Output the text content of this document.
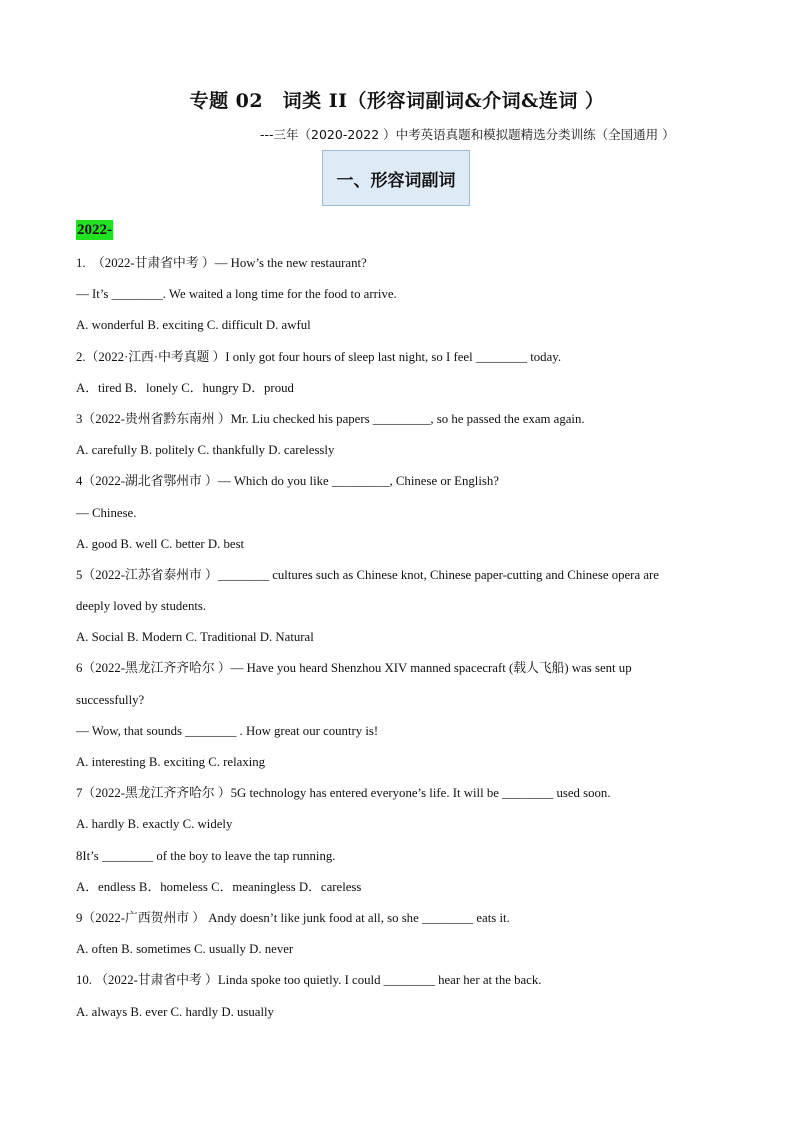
专题 02　词类 II（形容词副词&介词&连词 ）
---三年（2020-2022 ）中考英语真题和模拟题精选分类训练（全国通用 ）
一、形容词副词
2022-
1.　（2022-甘肃省中考 ）— How’s the new restaurant?
— It’s ________. We waited a long time for the food to arrive.
A. wonderful B. exciting C. difficult D. awful
2.（2022·江西·中考真题 ）I only got four hours of sleep last night, so I feel ________ today.
A．tired B．lonely C．hungry D．proud
3（2022-贵州省黔东南州 ）Mr. Liu checked his papers _________, so he passed the exam again.
A. carefully B. politely C. thankfully D. carelessly
4（2022-湖北省鄂州市 ）— Which do you like _________, Chinese or English?
— Chinese.
A. good B. well C. better D. best
5（2022-江苏省泰州市 ）________ cultures such as Chinese knot, Chinese paper-cutting and Chinese opera are
deeply loved by students.
A. Social B. Modern C. Traditional D. Natural
6（2022-黑龙江齐齐哈尔 ）— Have you heard Shenzhou XIV manned spacecraft (载人飞船) was sent up
successfully?
— Wow, that sounds ________ . How great our country is!
A. interesting B. exciting C. relaxing
7（2022-黑龙江齐齐哈尔 ）5G technology has entered everyone’s life. It will be ________ used soon.
A. hardly B. exactly C. widely
8It’s ________ of the boy to leave the tap running.
A．endless B．homeless C．meaningless D．careless
9（2022-广西贺州市 ） Andy doesn’t like junk food at all, so she ________ eats it.
A. often B. sometimes C. usually D. never
10. （2022-甘肃省中考 ）Linda spoke too quietly. I could ________ hear her at the back.
A. always B. ever C. hardly D. usually
